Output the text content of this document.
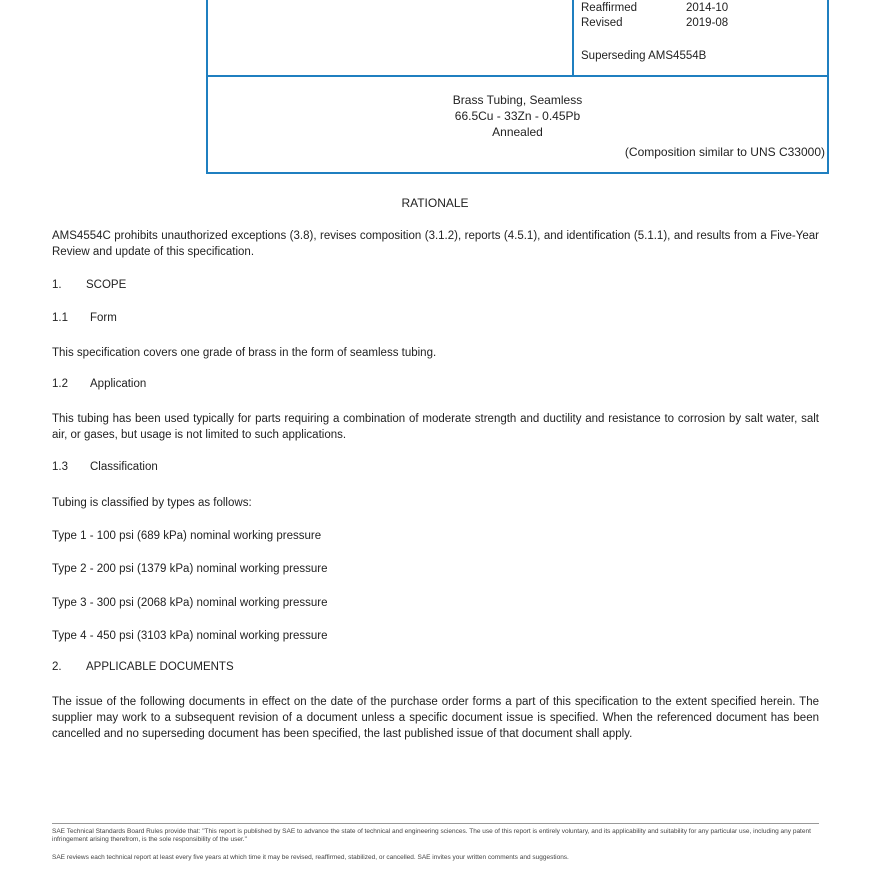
Reaffirmed	2014-10
Revised	2019-08
Superseding AMS4554B
Brass Tubing, Seamless
66.5Cu - 33Zn - 0.45Pb
Annealed
(Composition similar to UNS C33000)
RATIONALE
AMS4554C prohibits unauthorized exceptions (3.8), revises composition (3.1.2), reports (4.5.1), and identification (5.1.1), and results from a Five-Year Review and update of this specification.
1. SCOPE
1.1 Form
This specification covers one grade of brass in the form of seamless tubing.
1.2 Application
This tubing has been used typically for parts requiring a combination of moderate strength and ductility and resistance to corrosion by salt water, salt air, or gases, but usage is not limited to such applications.
1.3 Classification
Tubing is classified by types as follows:
Type 1 - 100 psi (689 kPa) nominal working pressure
Type 2 - 200 psi (1379 kPa) nominal working pressure
Type 3 - 300 psi (2068 kPa) nominal working pressure
Type 4 - 450 psi (3103 kPa) nominal working pressure
2. APPLICABLE DOCUMENTS
The issue of the following documents in effect on the date of the purchase order forms a part of this specification to the extent specified herein. The supplier may work to a subsequent revision of a document unless a specific document issue is specified. When the referenced document has been cancelled and no superseding document has been specified, the last published issue of that document shall apply.
SAE Technical Standards Board Rules provide that: "This report is published by SAE to advance the state of technical and engineering sciences. The use of this report is entirely voluntary, and its applicability and suitability for any particular use, including any patent infringement arising therefrom, is the sole responsibility of the user."
SAE reviews each technical report at least every five years at which time it may be revised, reaffirmed, stabilized, or cancelled. SAE invites your written comments and suggestions.
